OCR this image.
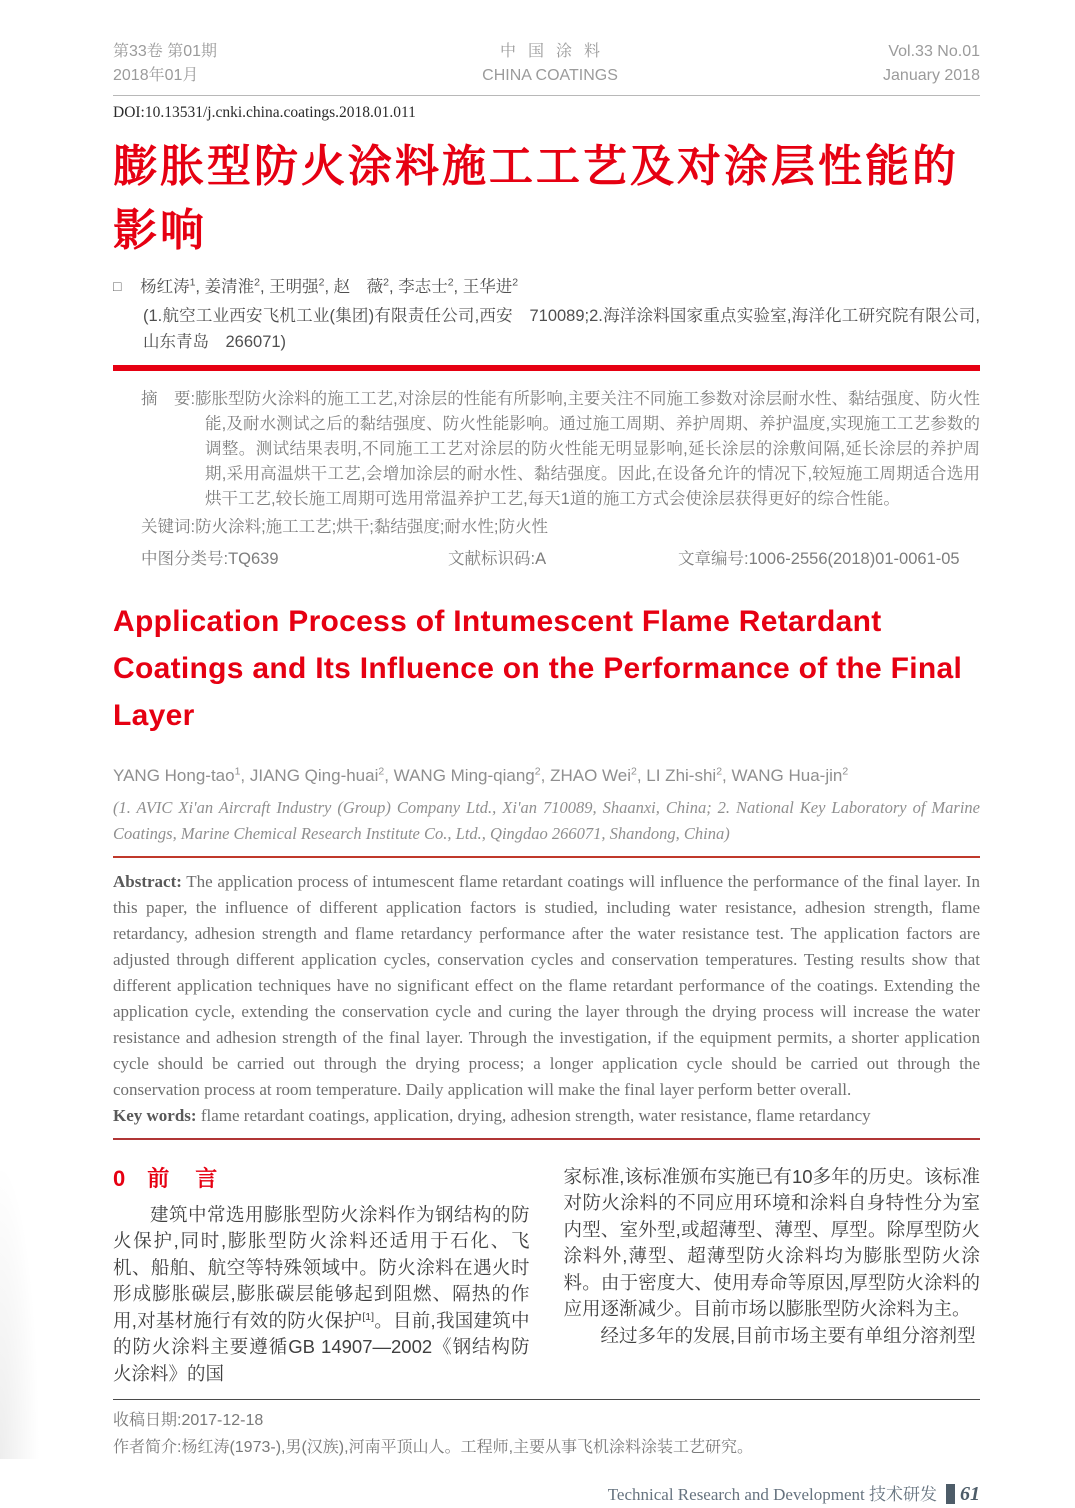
第33卷 第01期
2018年01月
中国涂料
CHINA COATINGS
Vol.33 No.01
January 2018
DOI:10.13531/j.cnki.china.coatings.2018.01.011
膨胀型防火涂料施工工艺及对涂层性能的影响
□ 杨红涛$^1$, 姜清淮$^2$, 王明强$^2$, 赵　薇$^2$, 李志士$^2$, 王华进$^2$
(1.航空工业西安飞机工业(集团)有限责任公司,西安　710089;2.海洋涂料国家重点实验室,海洋化工研究院有限公司,山东青岛　266071)
摘　要:膨胀型防火涂料的施工工艺,对涂层的性能有所影响,主要关注不同施工参数对涂层耐水性、黏结强度、防火性能,及耐水测试之后的黏结强度、防火性能影响。通过施工周期、养护周期、养护温度,实现施工工艺参数的调整。测试结果表明,不同施工工艺对涂层的防火性能无明显影响,延长涂层的涂敷间隔,延长涂层的养护周期,采用高温烘干工艺,会增加涂层的耐水性、黏结强度。因此,在设备允许的情况下,较短施工周期适合选用烘干工艺,较长施工周期可选用常温养护工艺,每天1道的施工方式会使涂层获得更好的综合性能。
关键词:防火涂料;施工工艺;烘干;黏结强度;耐水性;防火性
中图分类号:TQ639	文献标识码:A	文章编号:1006-2556(2018)01-0061-05
Application Process of Intumescent Flame Retardant Coatings and Its Influence on the Performance of the Final Layer
YANG Hong-tao$^1$, JIANG Qing-huai$^2$, WANG Ming-qiang$^2$, ZHAO Wei$^2$, LI Zhi-shi$^2$, WANG Hua-jin$^2$
(1. AVIC Xi'an Aircraft Industry (Group) Company Ltd., Xi'an 710089, Shaanxi, China; 2. National Key Laboratory of Marine Coatings, Marine Chemical Research Institute Co., Ltd., Qingdao 266071, Shandong, China)
Abstract: The application process of intumescent flame retardant coatings will influence the performance of the final layer. In this paper, the influence of different application factors is studied, including water resistance, adhesion strength, flame retardancy, adhesion strength and flame retardancy performance after the water resistance test. The application factors are adjusted through different application cycles, conservation cycles and conservation temperatures. Testing results show that different application techniques have no significant effect on the flame retardant performance of the coatings. Extending the application cycle, extending the conservation cycle and curing the layer through the drying process will increase the water resistance and adhesion strength of the final layer. Through the investigation, if the equipment permits, a shorter application cycle should be carried out through the drying process; a longer application cycle should be carried out through the conservation process at room temperature. Daily application will make the final layer perform better overall.
Key words: flame retardant coatings, application, drying, adhesion strength, water resistance, flame retardancy
0 前　言

建筑中常选用膨胀型防火涂料作为钢结构的防火保护,同时,膨胀型防火涂料还适用于石化、飞机、船舶、航空等特殊领域中。防火涂料在遇火时形成膨胀碳层,膨胀碳层能够起到阻燃、隔热的作用,对基材施行有效的防火保护[1]。目前,我国建筑中的防火涂料主要遵循GB 14907—2002《钢结构防火涂料》的国

家标准,该标准颁布实施已有10多年的历史。该标准对防火涂料的不同应用环境和涂料自身特性分为室内型、室外型,或超薄型、薄型、厚型。除厚型防火涂料外,薄型、超薄型防火涂料均为膨胀型防火涂料。由于密度大、使用寿命等原因,厚型防火涂料的应用逐渐减少。目前市场以膨胀型防火涂料为主。

经过多年的发展,目前市场主要有单组分溶剂型

收稿日期:2017-12-18
作者简介:杨红涛(1973-),男(汉族),河南平顶山人。工程师,主要从事飞机涂料涂装工艺研究。
Technical Research and Development 技术研发 61
